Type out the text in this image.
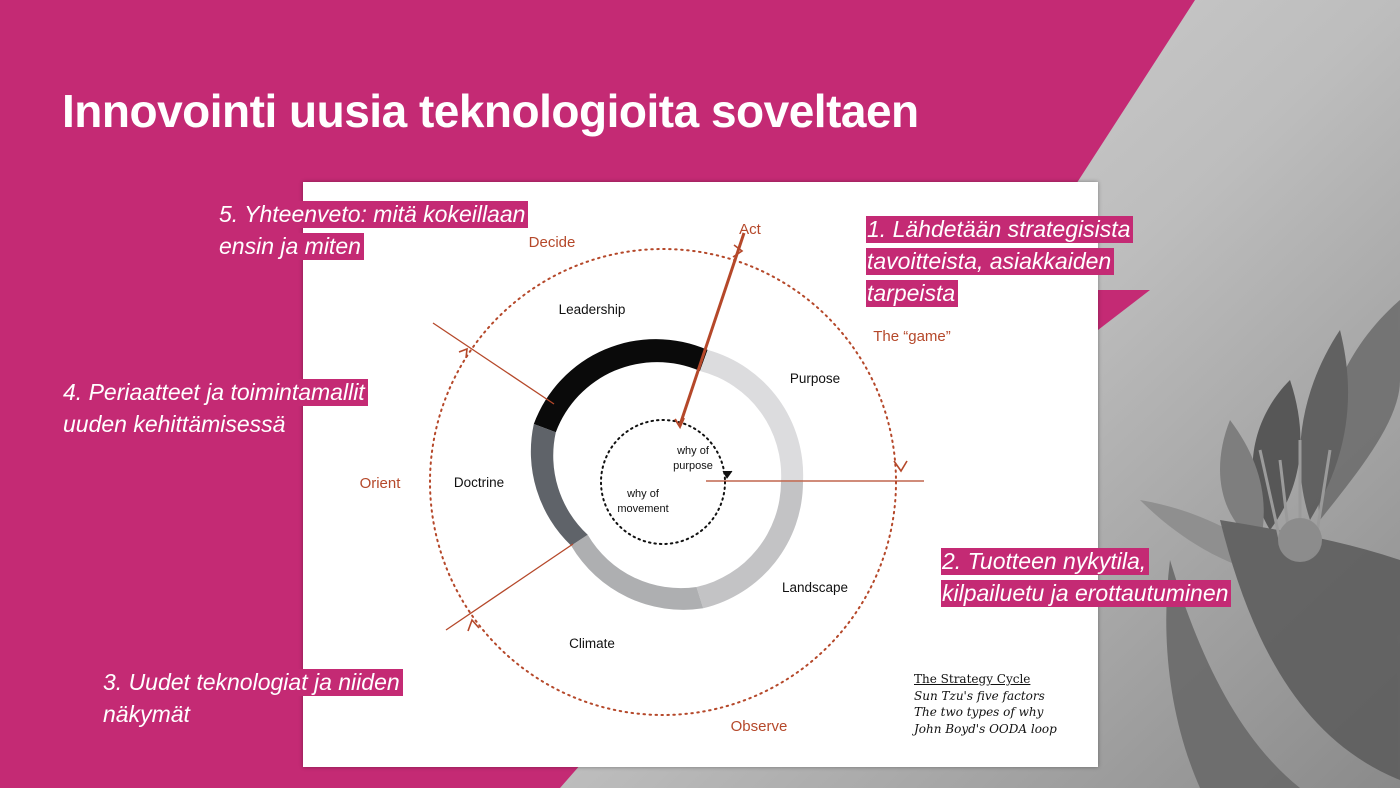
Innovointi uusia teknologioita soveltaen
Act
Decide
The “game”
Orient
Observe
Leadership
Purpose
Doctrine
Landscape
Climate
why of
purpose
why of
movement
The Strategy Cycle
Sun Tzu's five factors
The two types of why
John Boyd's OODA loop
5. Yhteenveto: mitä kokeillaan
ensin ja miten
1. Lähdetään strategisista
tavoitteista, asiakkaiden
tarpeista
4. Periaatteet ja toimintamallit
uuden kehittämisessä
2. Tuotteen nykytila,
kilpailuetu ja erottautuminen
3. Uudet teknologiat ja niiden
näkymät
